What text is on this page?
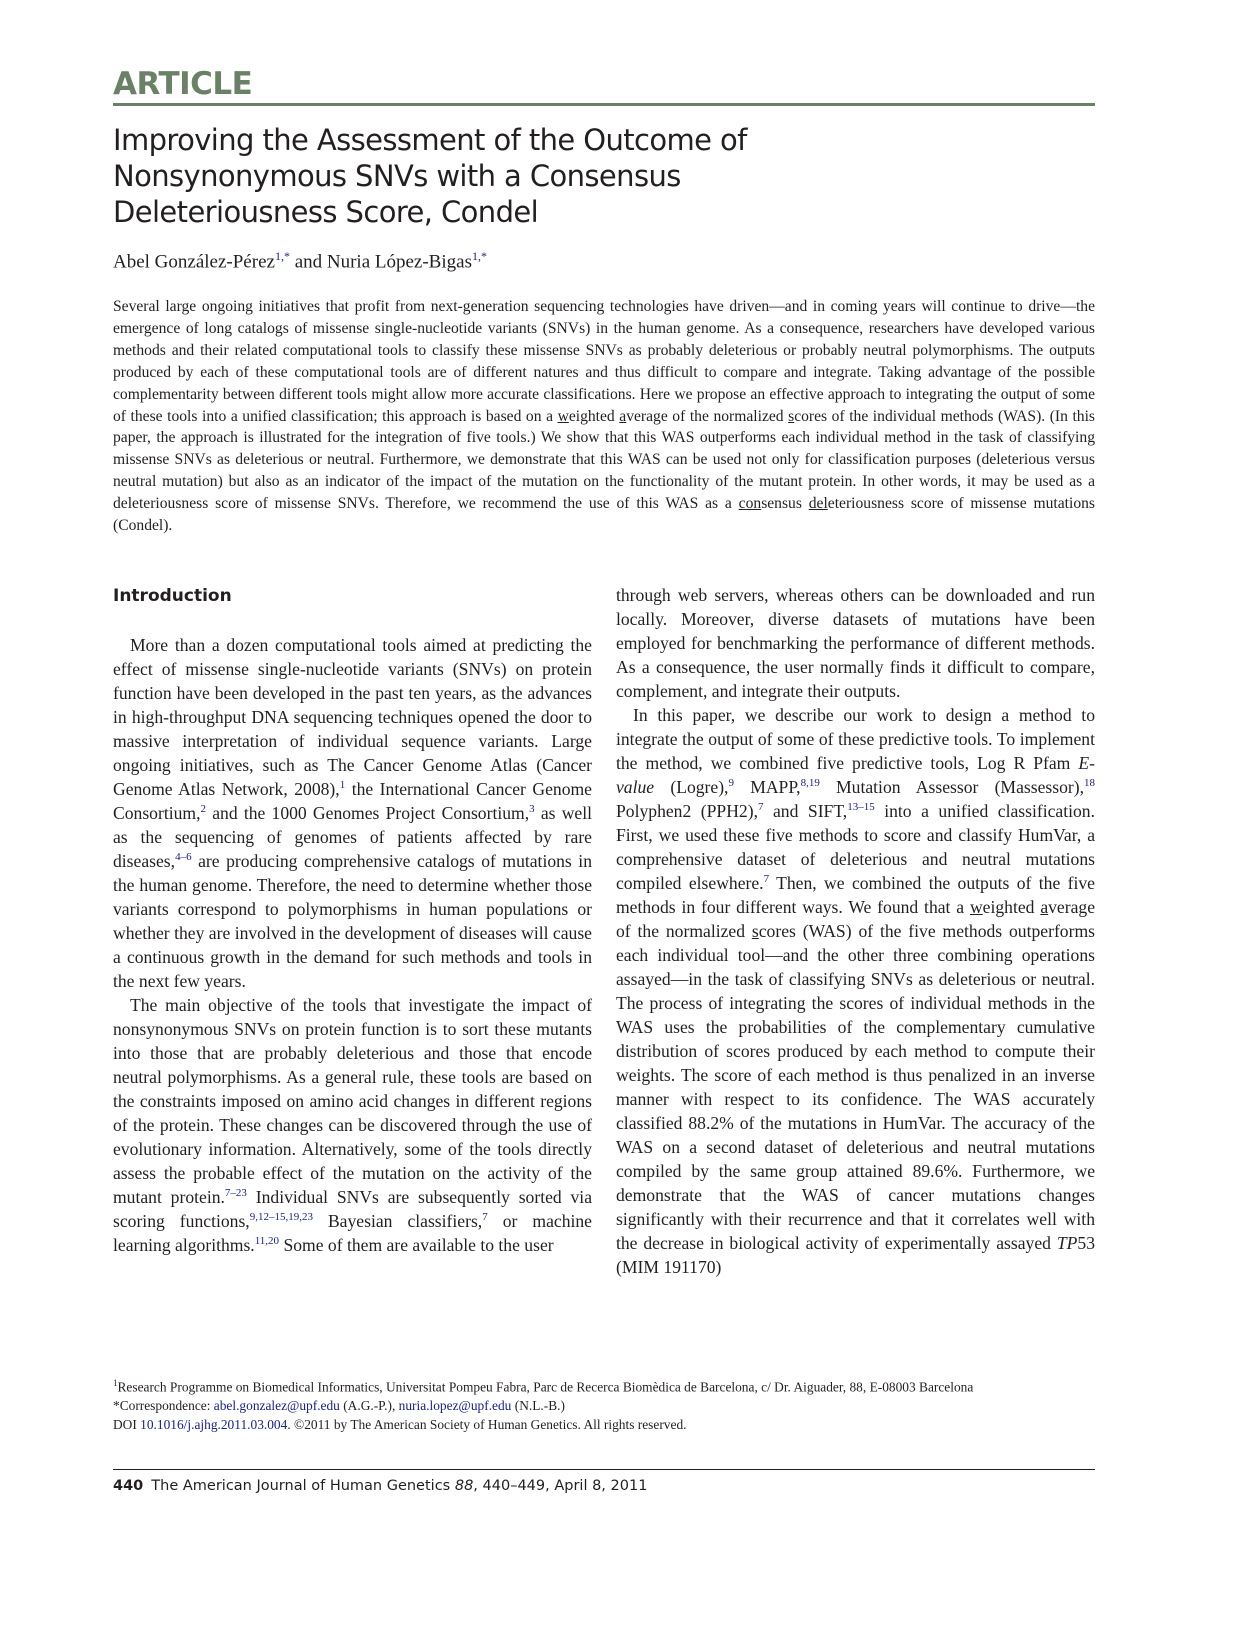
ARTICLE
Improving the Assessment of the Outcome of Nonsynonymous SNVs with a Consensus Deleteriousness Score, Condel
Abel González-Pérez$^{1,*}$ and Nuria López-Bigas$^{1,*}$

Several large ongoing initiatives that profit from next-generation sequencing technologies have driven—and in coming years will continue to drive—the emergence of long catalogs of missense single-nucleotide variants (SNVs) in the human genome. As a consequence, researchers have developed various methods and their related computational tools to classify these missense SNVs as probably deleterious or probably neutral polymorphisms. The outputs produced by each of these computational tools are of different natures and thus difficult to compare and integrate. Taking advantage of the possible complementarity between different tools might allow more accurate classifications. Here we propose an effective approach to integrating the output of some of these tools into a unified classification; this approach is based on a weighted average of the normalized scores of the individual methods (WAS). (In this paper, the approach is illustrated for the integration of five tools.) We show that this WAS outperforms each individual method in the task of classifying missense SNVs as deleterious or neutral. Furthermore, we demonstrate that this WAS can be used not only for classification purposes (deleterious versus neutral mutation) but also as an indicator of the impact of the mutation on the functionality of the mutant protein. In other words, it may be used as a deleteriousness score of missense SNVs. Therefore, we recommend the use of this WAS as a consensus deleteriousness score of missense mutations (Condel).

Introduction

More than a dozen computational tools aimed at predicting the effect of missense single-nucleotide variants (SNVs) on protein function have been developed in the past ten years, as the advances in high-throughput DNA sequencing techniques opened the door to massive interpretation of individual sequence variants. Large ongoing initiatives, such as The Cancer Genome Atlas (Cancer Genome Atlas Network, 2008),$^1$ the International Cancer Genome Consortium,$^2$ and the 1000 Genomes Project Consortium,$^3$ as well as the sequencing of genomes of patients affected by rare diseases,$^{4-6}$ are producing comprehensive catalogs of mutations in the human genome. Therefore, the need to determine whether those variants correspond to polymorphisms in human populations or whether they are involved in the development of diseases will cause a continuous growth in the demand for such methods and tools in the next few years.

The main objective of the tools that investigate the impact of nonsynonymous SNVs on protein function is to sort these mutants into those that are probably deleterious and those that encode neutral polymorphisms. As a general rule, these tools are based on the constraints imposed on amino acid changes in different regions of the protein. These changes can be discovered through the use of evolutionary information. Alternatively, some of the tools directly assess the probable effect of the mutation on the activity of the mutant protein.$^{7-23}$ Individual SNVs are subsequently sorted via scoring functions,$^{9,12-15,19,23}$ Bayesian classifiers,$^7$ or machine learning algorithms.$^{11,20}$ Some of them are available to the user

through web servers, whereas others can be downloaded and run locally. Moreover, diverse datasets of mutations have been employed for benchmarking the performance of different methods. As a consequence, the user normally finds it difficult to compare, complement, and integrate their outputs.

In this paper, we describe our work to design a method to integrate the output of some of these predictive tools. To implement the method, we combined five predictive tools, Log R Pfam E-value (Logre),$^9$ MAPP,$^{8,19}$ Mutation Assessor (Massessor),$^{18}$ Polyphen2 (PPH2),$^7$ and SIFT,$^{13-15}$ into a unified classification. First, we used these five methods to score and classify HumVar, a comprehensive dataset of deleterious and neutral mutations compiled elsewhere.$^7$ Then, we combined the outputs of the five methods in four different ways. We found that a weighted average of the normalized scores (WAS) of the five methods outperforms each individual tool—and the other three combining operations assayed—in the task of classifying SNVs as deleterious or neutral. The process of integrating the scores of individual methods in the WAS uses the probabilities of the complementary cumulative distribution of scores produced by each method to compute their weights. The score of each method is thus penalized in an inverse manner with respect to its confidence. The WAS accurately classified 88.2% of the mutations in HumVar. The accuracy of the WAS on a second dataset of deleterious and neutral mutations compiled by the same group attained 89.6%. Furthermore, we demonstrate that the WAS of cancer mutations changes significantly with their recurrence and that it correlates well with the decrease in biological activity of experimentally assayed TP53 (MIM 191170)

$^1$Research Programme on Biomedical Informatics, Universitat Pompeu Fabra, Parc de Recerca Biomèdica de Barcelona, c/ Dr. Aiguader, 88, E-08003 Barcelona
*Correspondence: abel.gonzalez@upf.edu (A.G.-P.), nuria.lopez@upf.edu (N.L.-B.)
DOI 10.1016/j.ajhg.2011.03.004. ©2011 by The American Society of Human Genetics. All rights reserved.
440 The American Journal of Human Genetics 88, 440–449, April 8, 2011
